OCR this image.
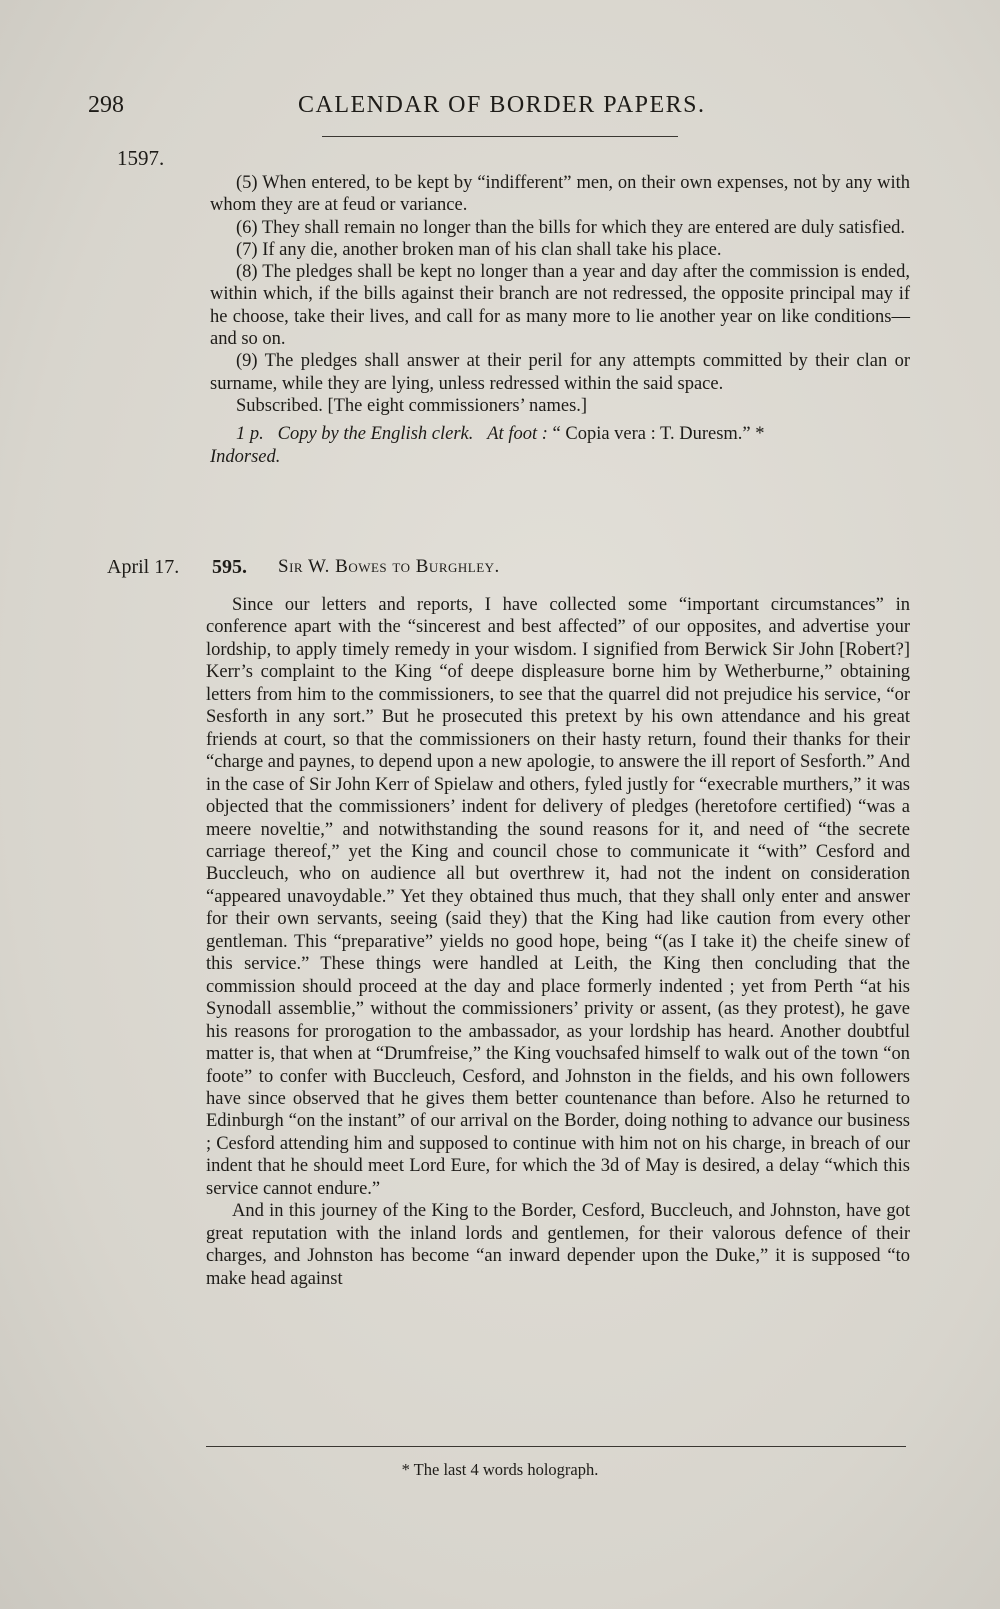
298	CALENDAR OF BORDER PAPERS.
1597.

(5) When entered, to be kept by “indifferent” men, on their own expenses, not by any with whom they are at feud or variance.

(6) They shall remain no longer than the bills for which they are entered are duly satisfied.

(7) If any die, another broken man of his clan shall take his place.

(8) The pledges shall be kept no longer than a year and day after the commission is ended, within which, if the bills against their branch are not redressed, the opposite principal may if he choose, take their lives, and call for as many more to lie another year on like conditions—and so on.

(9) The pledges shall answer at their peril for any attempts committed by their clan or surname, while they are lying, unless redressed within the said space.

Subscribed. [The eight commissioners’ names.]

1 p. Copy by the English clerk. At foot : “ Copia vera : T. Duresm.” *
Indorsed.

April 17. 595. Sir W. Bowes to Burghley.

Since our letters and reports, I have collected some “important circumstances” in conference apart with the “sincerest and best affected” of our opposites, and advertise your lordship, to apply timely remedy in your wisdom. I signified from Berwick Sir John [Robert?] Kerr’s complaint to the King “of deepe displeasure borne him by Wetherburne,” obtaining letters from him to the commissioners, to see that the quarrel did not prejudice his service, “or Sesforth in any sort.” But he prosecuted this pretext by his own attendance and his great friends at court, so that the commissioners on their hasty return, found their thanks for their “charge and paynes, to depend upon a new apologie, to answere the ill report of Sesforth.” And in the case of Sir John Kerr of Spielaw and others, fyled justly for “execrable murthers,” it was objected that the commissioners’ indent for delivery of pledges (heretofore certified) “was a meere noveltie,” and notwithstanding the sound reasons for it, and need of “the secrete carriage thereof,” yet the King and council chose to communicate it “with” Cesford and Buccleuch, who on audience all but overthrew it, had not the indent on consideration “appeared unavoydable.” Yet they obtained thus much, that they shall only enter and answer for their own servants, seeing (said they) that the King had like caution from every other gentleman. This “preparative” yields no good hope, being “(as I take it) the cheife sinew of this service.” These things were handled at Leith, the King then concluding that the commission should proceed at the day and place formerly indented ; yet from Perth “at his Synodall assemblie,” without the commissioners’ privity or assent, (as they protest), he gave his reasons for prorogation to the ambassador, as your lordship has heard. Another doubtful matter is, that when at “Drumfreise,” the King vouchsafed himself to walk out of the town “on foote” to confer with Buccleuch, Cesford, and Johnston in the fields, and his own followers have since observed that he gives them better countenance than before. Also he returned to Edinburgh “on the instant” of our arrival on the Border, doing nothing to advance our business ; Cesford attending him and supposed to continue with him not on his charge, in breach of our indent that he should meet Lord Eure, for which the 3d of May is desired, a delay “which this service cannot endure.”

And in this journey of the King to the Border, Cesford, Buccleuch, and Johnston, have got great reputation with the inland lords and gentlemen, for their valorous defence of their charges, and Johnston has become “an inward depender upon the Duke,” it is supposed “to make head against

* The last 4 words holograph.
